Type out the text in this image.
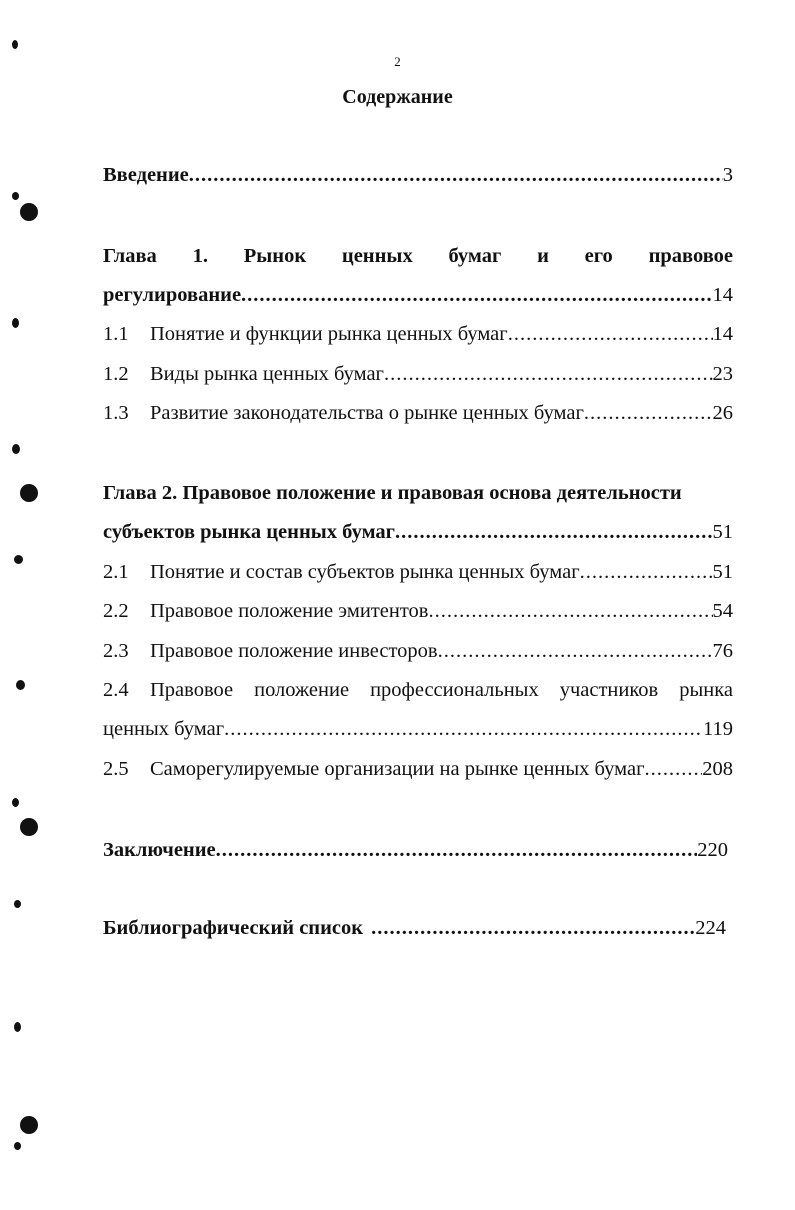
2
Содержание
Введение .....	3
Глава 1. Рынок ценных бумаг и его правовое
регулирование .....	14
1.1	Понятие и функции рынка ценных бумаг .....	14
1.2	Виды рынка ценных бумаг .....	23
1.3	Развитие законодательства о рынке ценных бумаг .....	26
Глава 2. Правовое положение и правовая основа деятельности
субъектов рынка ценных бумаг .....	51
2.1	Понятие и состав субъектов рынка ценных бумаг .....	51
2.2	Правовое положение эмитентов .....	54
2.3	Правовое положение инвесторов .....	76
2.4 Правовое положение профессиональных участников рынка
ценных бумаг .....	119
2.5	Саморегулируемые организации на рынке ценных бумаг .....	208
Заключение .....	220
Библиографический список .....	224
